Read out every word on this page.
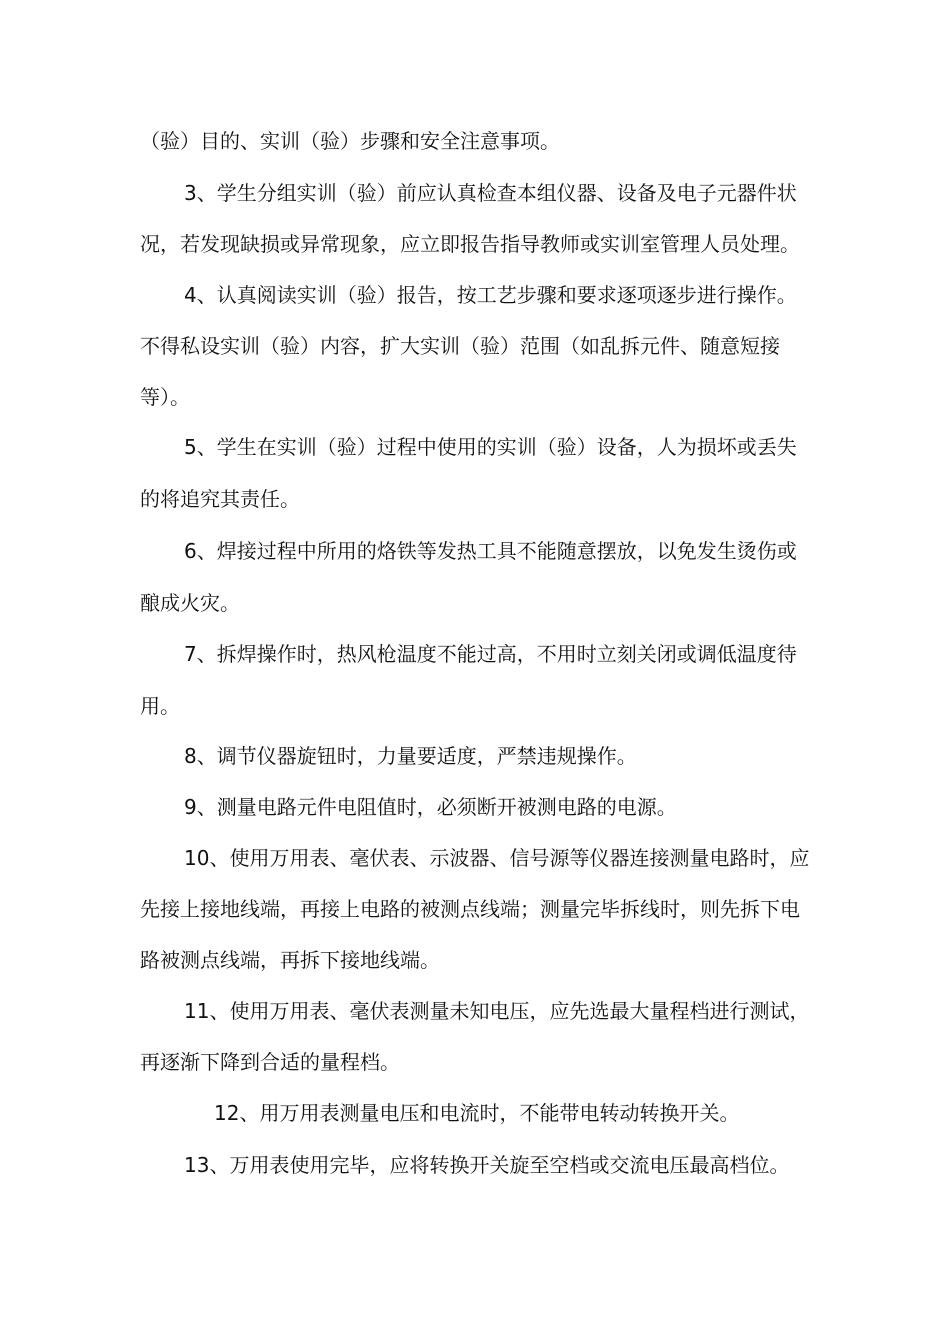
（验）目的、实训（验）步骤和安全注意事项。
3、学生分组实训（验）前应认真检查本组仪器、设备及电子元器件状
况，若发现缺损或异常现象，应立即报告指导教师或实训室管理人员处理。
4、认真阅读实训（验）报告，按工艺步骤和要求逐项逐步进行操作。
不得私设实训（验）内容，扩大实训（验）范围（如乱拆元件、随意短接
等）。
5、学生在实训（验）过程中使用的实训（验）设备，人为损坏或丢失
的将追究其责任。
6、焊接过程中所用的烙铁等发热工具不能随意摆放，以免发生烫伤或
酿成火灾。
7、拆焊操作时，热风枪温度不能过高，不用时立刻关闭或调低温度待
用。
8、调节仪器旋钮时，力量要适度，严禁违规操作。
9、测量电路元件电阻值时，必须断开被测电路的电源。
10、使用万用表、毫伏表、示波器、信号源等仪器连接测量电路时，应
先接上接地线端，再接上电路的被测点线端；测量完毕拆线时，则先拆下电
路被测点线端，再拆下接地线端。
11、使用万用表、毫伏表测量未知电压，应先选最大量程档进行测试，
再逐渐下降到合适的量程档。
12、用万用表测量电压和电流时，不能带电转动转换开关。
13、万用表使用完毕，应将转换开关旋至空档或交流电压最高档位。
